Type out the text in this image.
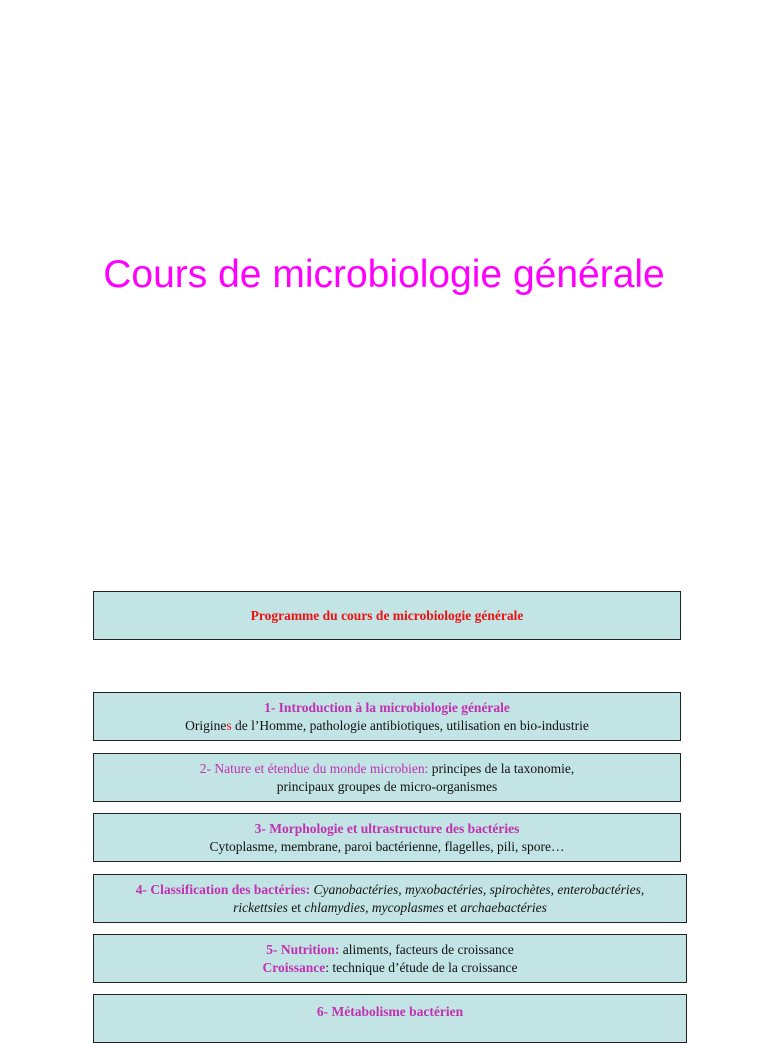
Cours de microbiologie générale
Programme du cours de microbiologie générale
1- Introduction à la microbiologie générale
Origines de l’Homme, pathologie antibiotiques, utilisation en bio-industrie
2- Nature et étendue du monde microbien: principes de la taxonomie,
principaux groupes de micro-organismes
3- Morphologie et ultrastructure des bactéries
Cytoplasme, membrane, paroi bactérienne, flagelles, pili, spore…
4- Classification des bactéries: Cyanobactéries, myxobactéries, spirochètes, enterobactéries,
rickettsies et chlamydies, mycoplasmes et archaebactéries
5- Nutrition: aliments, facteurs de croissance
Croissance: technique d’étude de la croissance
6- Métabolisme bactérien
